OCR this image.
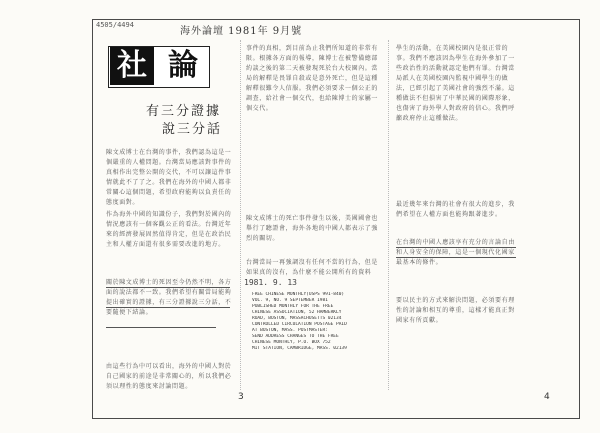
4505/4494
海外論壇 1981年 9月號
社 論
有三分證據
說三分話
陳文成博士在台灣的事件，我們認為這是一個嚴重的人權問題。台灣當局應該對事件的真相作出完整公開的交代，不可以讓這件事情就此不了了之。我們在海外的中國人都非常關心這個問題，希望政府能夠以負責任的態度面對。
作為海外中國的知識份子，我們對於國內的情況應該有一個客觀公正的看法。台灣近年來的經濟發展固然值得肯定，但是在政治民主和人權方面還有很多需要改進的地方。
關於陳文成博士的死因至今仍然不明，各方面的說法都不一致。我們希望有關當局能夠提出確實的證據，有三分證據說三分話，不要隨便下結論。
由這些行為中可以看出，海外的中國人對於自己國家的前途是非常關心的，所以我們必須以理性的態度來討論問題。
事件的真相，到目前為止我們所知道的非常有限。根據各方面的報導，陳博士在被警備總部約談之後的第二天被發現死於台大校園內。當局的解釋是畏罪自殺或是意外死亡，但是這種解釋很難令人信服。我們必須要求一個公正的調查，給社會一個交代，也給陳博士的家屬一個交代。
陳文成博士的死亡事件發生以後，美國國會也舉行了聽證會，海外各地的中國人都表示了強烈的關切。
台灣當局一再強調沒有任何不當的行為，但是如果真的沒有，為什麼不能公開所有的資料
1981. 9. 13
FREE CHINESE MONTHLY(USPS 991-840)
VOL. 9, NO. 9 SEPTEMBER 1981
PUBLISHED MONTHLY FOR THE FREE
CHINESE ASSOCIATION, 52 HAMBERKLY
ROAD, BOSTON, MASSACHUSETTS 02134
CONTROLLED CIRCULATION POSTAGE PAID
AT BOSTON, MASS. POSTMASTER:
SEND ADDRESS CHANGES TO THE FREE
CHINESE MONTHLY, P.O. BOX 752
MIT STATION, CAMBRIDGE, MASS. 02139
學生的活動，在美國校園內是很正常的事。我們不應該因為學生在海外參加了一些政治性的活動就認定他們有罪。台灣當局派人在美國校園內監視中國學生的做法，已經引起了美國社會的強烈不滿。這種做法不但損害了中華民國的國際形象，也傷害了海外學人對政府的信心。我們呼籲政府停止這種做法。
最近幾年來台灣的社會有很大的進步，我們希望在人權方面也能夠跟著進步。
在台灣的中國人應該享有充分的言論自由和人身安全的保障，這是一個現代化國家最基本的條件。
要以民主的方式來解決問題，必須要有理性的討論和相互的尊重，這樣才能真正對國家有所貢獻。
3	4
